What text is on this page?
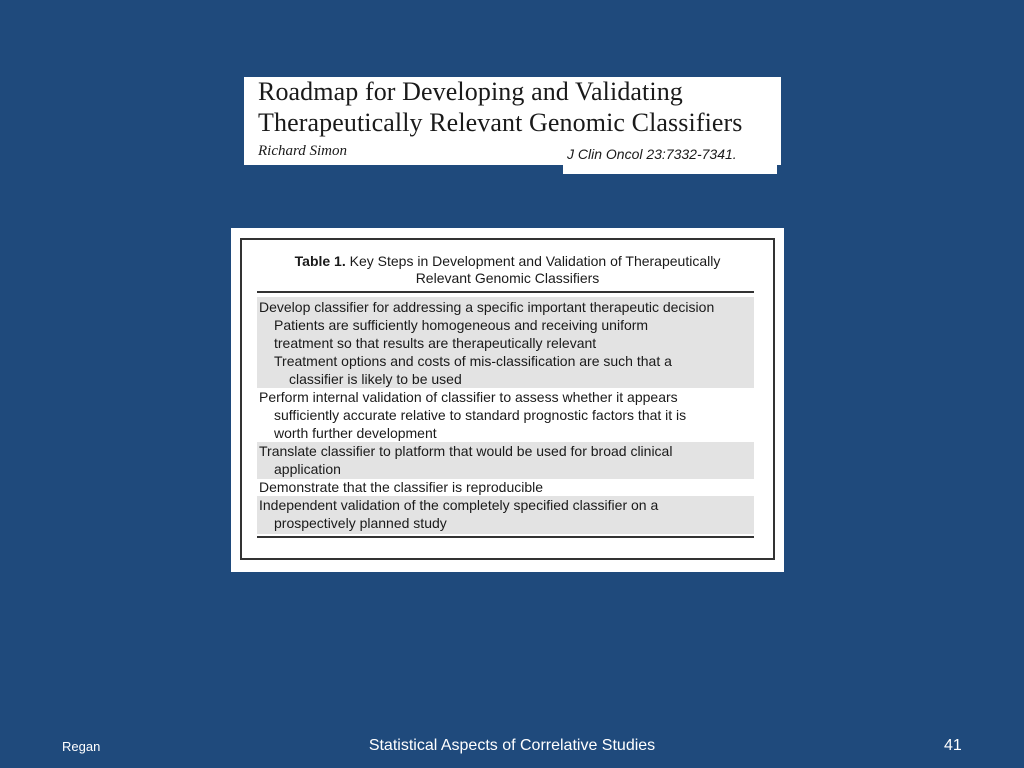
Roadmap for Developing and Validating
Therapeutically Relevant Genomic Classifiers
Richard Simon	J Clin Oncol 23:7332-7341.
Table 1. Key Steps in Development and Validation of Therapeutically
Relevant Genomic Classifiers
Develop classifier for addressing a specific important therapeutic decision
Patients are sufficiently homogeneous and receiving uniform
treatment so that results are therapeutically relevant
Treatment options and costs of mis-classification are such that a
classifier is likely to be used
Perform internal validation of classifier to assess whether it appears
sufficiently accurate relative to standard prognostic factors that it is
worth further development
Translate classifier to platform that would be used for broad clinical
application
Demonstrate that the classifier is reproducible
Independent validation of the completely specified classifier on a
prospectively planned study
Regan	Statistical Aspects of Correlative Studies	41
